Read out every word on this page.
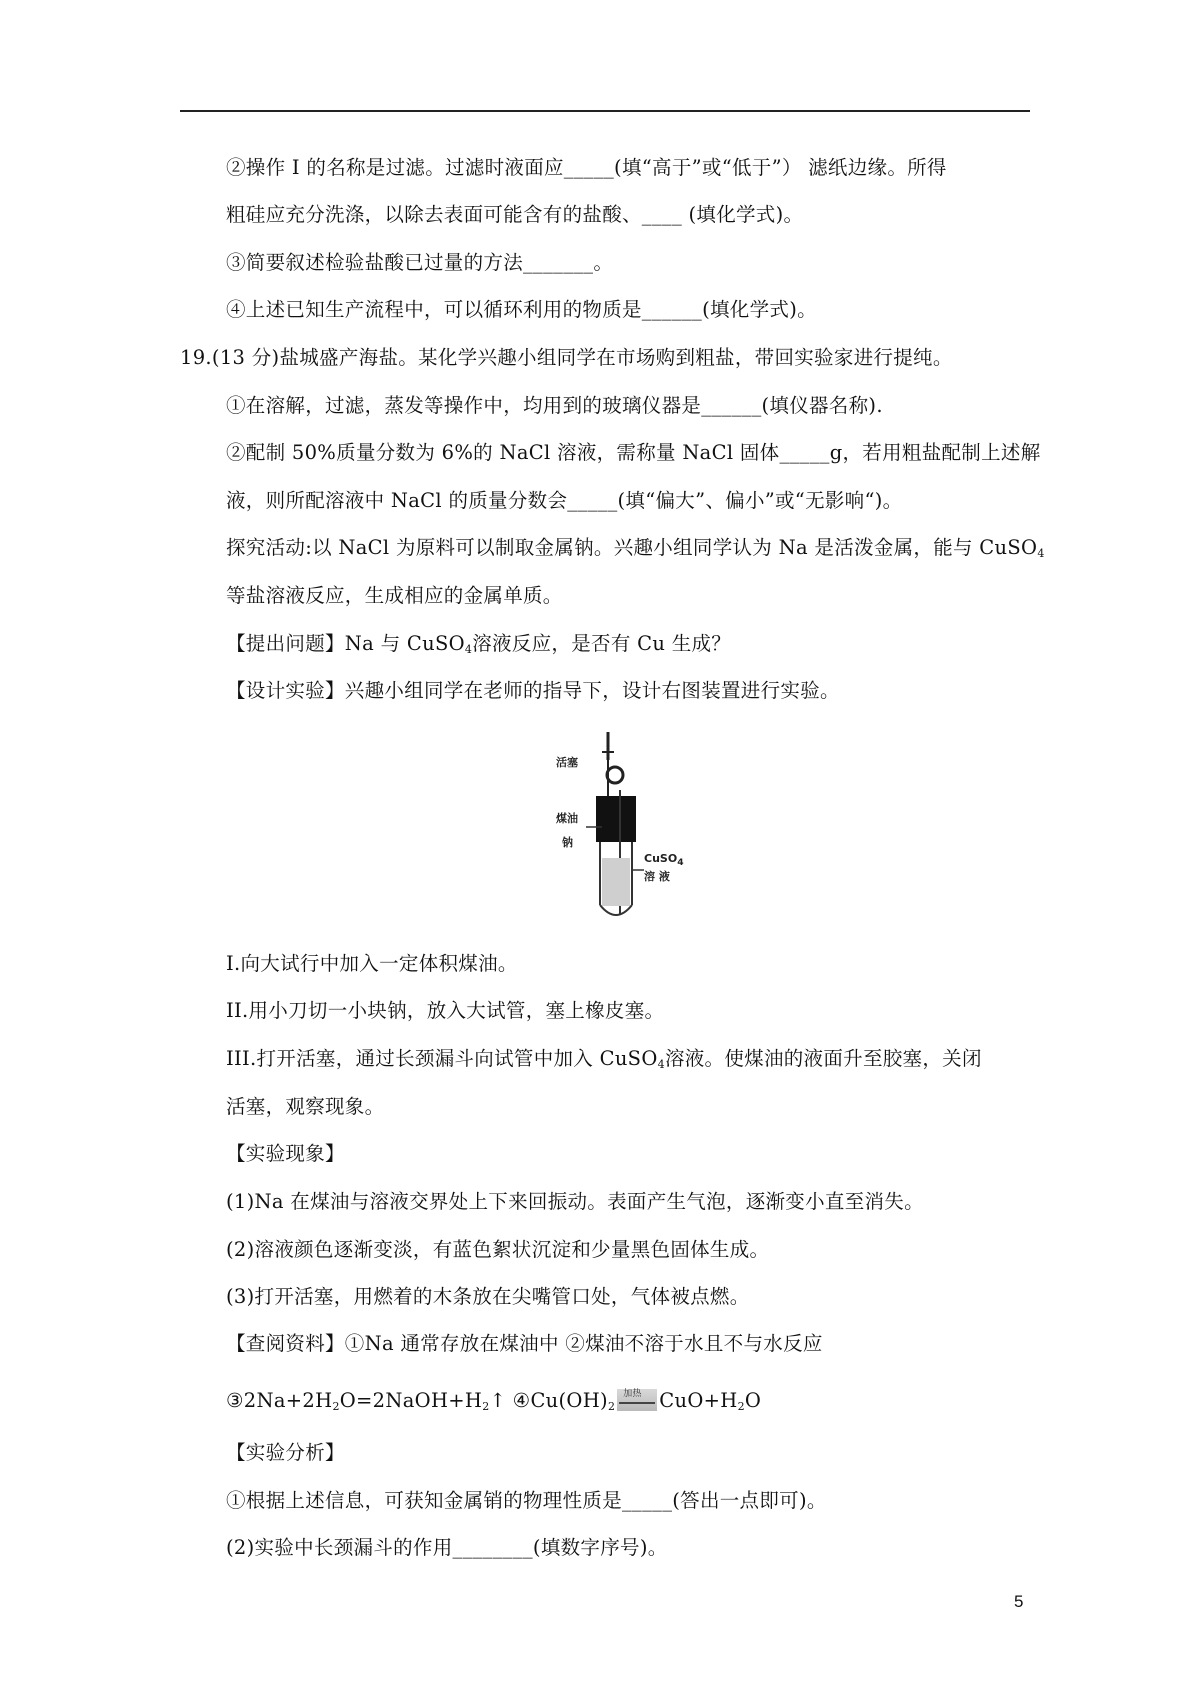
②操作 I 的名称是过滤。过滤时液面应_____(填“高于”或“低于”） 滤纸边缘。所得
粗硅应充分洗涤，以除去表面可能含有的盐酸、____ (填化学式)。
③简要叙述检验盐酸已过量的方法_______。
④上述已知生产流程中，可以循环利用的物质是______(填化学式)。
19.(13 分)盐城盛产海盐。某化学兴趣小组同学在市场购到粗盐，带回实验家进行提纯。
①在溶解，过滤，蒸发等操作中，均用到的玻璃仪器是______(填仪器名称).
②配制 50%质量分数为 6%的 NaCl 溶液，需称量 NaCl 固体_____g，若用粗盐配制上述解
液，则所配溶液中 NaCl 的质量分数会_____(填“偏大”、偏小”或“无影响“)。
探究活动:以 NaCl 为原料可以制取金属钠。兴趣小组同学认为 Na 是活泼金属，能与 CuSO$_4$
等盐溶液反应，生成相应的金属单质。
【提出问题】Na 与 CuSO$_4$溶液反应，是否有 Cu 生成？
【设计实验】兴趣小组同学在老师的指导下，设计右图装置进行实验。
活塞
煤油
钠
CuSO$_4$
溶 液
I.向大试行中加入一定体积煤油。
II.用小刀切一小块钠，放入大试管，塞上橡皮塞。
III.打开活塞，通过长颈漏斗向试管中加入 CuSO$_4$溶液。使煤油的液面升至胶塞，关闭
活塞，观察现象。
【实验现象】
(1)Na 在煤油与溶液交界处上下来回振动。表面产生气泡，逐渐变小直至消失。
(2)溶液颜色逐渐变淡，有蓝色絮状沉淀和少量黑色固体生成。
(3)打开活塞，用燃着的木条放在尖嘴管口处，气体被点燃。
【查阅资料】①Na 通常存放在煤油中 ②煤油不溶于水且不与水反应
$③2Na+2H_2O=2NaOH+H_2↑$ $④Cu(OH)_2$
加热 $CuO+H_2O$
【实验分析】
①根据上述信息，可获知金属销的物理性质是_____(答出一点即可)。
(2)实验中长颈漏斗的作用________(填数字序号)。
5
